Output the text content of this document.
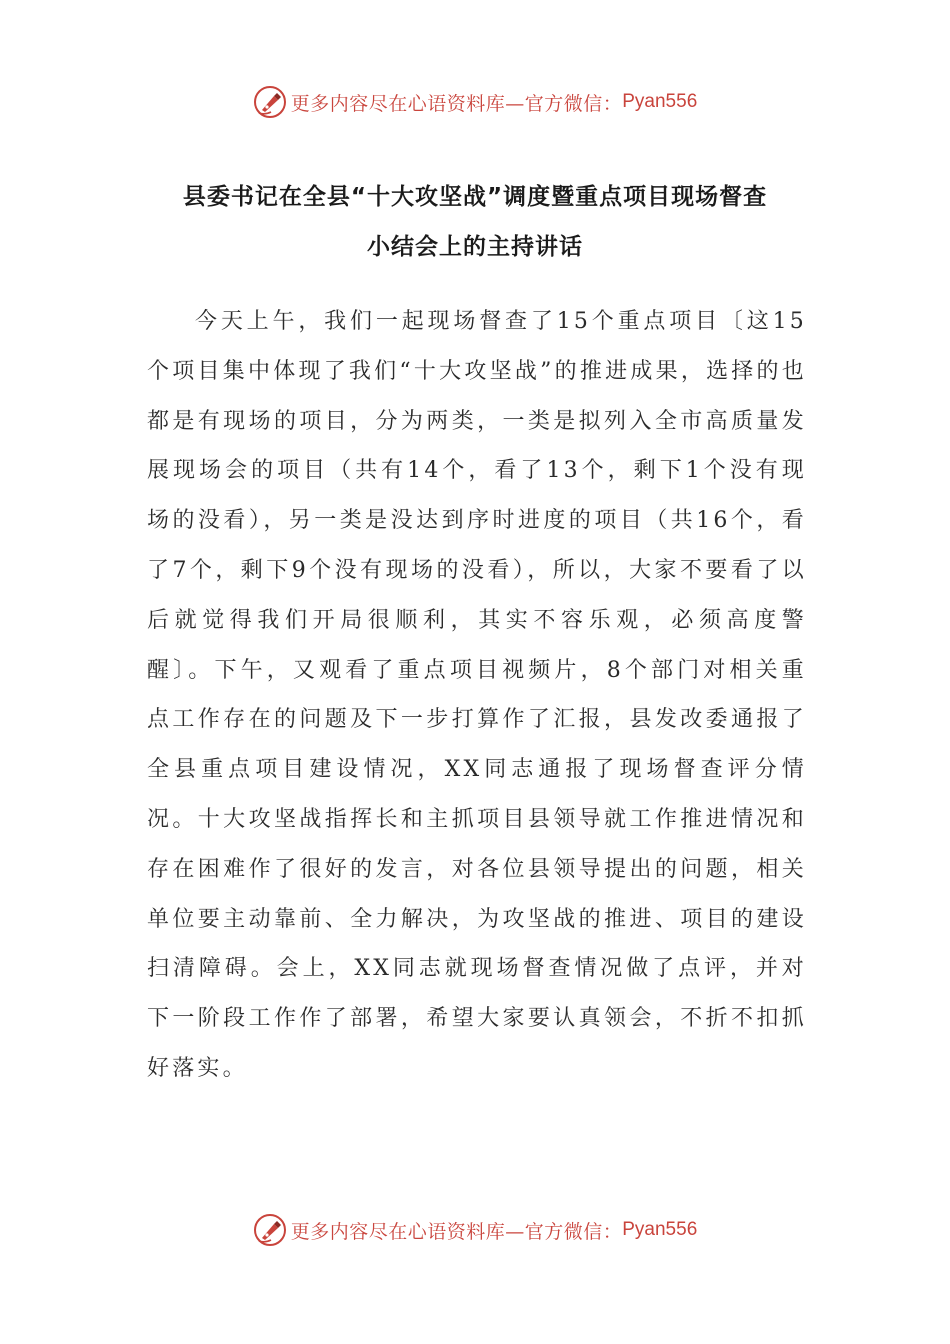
更多内容尽在心语资料库—官方微信： Pyan556
县委书记在全县“十大攻坚战”调度暨重点项目现场督查
小结会上的主持讲话

今天上午，我们一起现场督查了15个重点项目〔这15个项目集中体现了我们“十大攻坚战”的推进成果，选择的也都是有现场的项目，分为两类，一类是拟列入全市高质量发展现场会的项目（共有14个，看了13个，剩下1个没有现场的没看），另一类是没达到序时进度的项目（共16个，看了7个，剩下9个没有现场的没看），所以，大家不要看了以后就觉得我们开局很顺利，其实不容乐观，必须高度警醒〕。下午，又观看了重点项目视频片，8个部门对相关重点工作存在的问题及下一步打算作了汇报，县发改委通报了全县重点项目建设情况，XX同志通报了现场督查评分情况。十大攻坚战指挥长和主抓项目县领导就工作推进情况和存在困难作了很好的发言，对各位县领导提出的问题，相关单位要主动靠前、全力解决，为攻坚战的推进、项目的建设扫清障碍。会上，XX同志就现场督查情况做了点评，并对下一阶段工作作了部署，希望大家要认真领会，不折不扣抓好落实。

更多内容尽在心语资料库—官方微信： Pyan556
